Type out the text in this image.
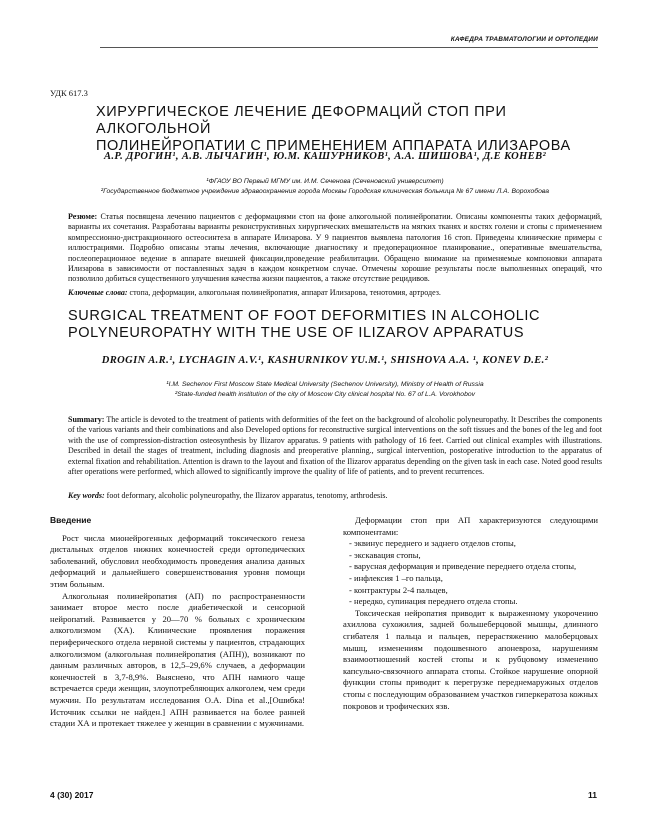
КАФЕДРА ТРАВМАТОЛОГИИ И ОРТОПЕДИИ
УДК 617.3
ХИРУРГИЧЕСКОЕ ЛЕЧЕНИЕ ДЕФОРМАЦИЙ СТОП ПРИ АЛКОГОЛЬНОЙ
ПОЛИНЕЙРОПАТИИ С ПРИМЕНЕНИЕМ АППАРАТА ИЛИЗАРОВА
А.Р. ДРОГИН¹, А.В. ЛЫЧАГИН¹, Ю.М. КАШУРНИКОВ¹, А.А. ШИШОВА¹, Д.Е КОНЕВ²
¹ФГАОУ ВО Первый МГМУ им. И.М. Сеченова (Сеченовский университет)
²Государственное бюджетное учреждение здравоохранения города Москвы Городская клиническая больница № 67 имени Л.А. Ворохобова
Резюме: Статья посвящена лечению пациентов с деформациями стоп на фоне алкогольной полинейропатии. Описаны компоненты таких деформаций, варианты их сочетания. Разработаны варианты реконструктивных хирургических вмешательств на мягких тканях и костях голени и стопы с применением компрессионно-дистракционного остеосинтеза в аппарате Илизарова. У 9 пациентов выявлена патология 16 стоп. Приведены клинические примеры с иллюстрациями. Подробно описаны этапы лечения, включающие диагностику и предоперационное планирование., оперативные вмешательства, послеоперационное ведение в аппарате внешней фиксации,проведение реабилитации. Обращено внимание на применяемые компоновки аппарата Илизарова в зависимости от поставленных задач в каждом конкретном случае. Отмечены хорошие результаты после выполненных операций, что позволило добиться существенного улучшения качества жизни пациентов, а также отсутствие рецидивов.
Ключевые слова: стопа, деформации, алкогольная полинейропатия, аппарат Илизарова, тенотомия, артродез.
SURGICAL TREATMENT OF FOOT DEFORMITIES IN ALCOHOLIC
POLYNEUROPATHY WITH THE USE OF ILIZAROV APPARATUS
DROGIN A.R.¹, LYCHAGIN A.V.¹, KASHURNIKOV YU.M.¹, SHISHOVA A.A. ¹, KONEV D.E.²
¹I.M. Sechenov First Moscow State Medical University (Sechenov University), Ministry of Health of Russia
²State-funded health institution of the city of Moscow City clinical hospital No. 67 of L.A. Vorokhobov
Summary: The article is devoted to the treatment of patients with deformities of the feet on the background of alcoholic polyneuropathy. It Describes the components of the various variants and their combinations and also Developed options for reconstructive surgical interventions on the soft tissues and the bones of the leg and foot with the use of compression-distraction osteosynthesis by Ilizarov apparatus. 9 patients with pathology of 16 feet. Carried out clinical examples with illustrations. Described in detail the stages of treatment, including diagnosis and preoperative planning., surgical intervention, postoperative introduction to the apparatus of external fixation and rehabilitation. Attention is drawn to the layout and fixation of the Ilizarov apparatus depending on the given task in each case. Noted good results after operations were performed, which allowed to significantly improve the quality of life of patients, and to prevent recurrences.
Key words: foot deformary, alcoholic polyneuropathy, the Ilizarov apparatus, tenotomy, arthrodesis.

Введение

Рост числа мионейрогенных деформаций токсического генеза дистальных отделов нижних конечностей среди ортопедических заболеваний, обусловил необходимость проведения анализа данных деформаций и дальнейшего совершенствования уровня помощи этим больным.

Алкогольная полинейропатия (АП) по распространенности занимает второе место после диабетической и сенсорной нейропатий. Развивается у 20—70 % больных с хроническим алкоголизмом (ХА). Клинические проявления поражения периферического отдела нервной системы у пациентов, страдающих алкоголизмом (алкогольная полинейропатия (АПН)), возникают по данным различных авторов, в 12,5–29,6% случаев, а деформации конечностей в 3,7-8,9%. Выяснено, что АПН намного чаще встречается среди женщин, злоупотребляющих алкоголем, чем среди мужчин. По результатам исследования O.A. Dina et al.,[Ошибка! Источник ссылки не найден.] АПН развивается на более ранней стадии ХА и протекает тяжелее у женщин в сравнении с мужчинами.

Деформации стоп при АП характеризуются следующими компонентами:

- эквинус переднего и заднего отделов стопы,

- экскавация стопы,

- варусная деформация и приведение переднего отдела стопы,

- инфлексия 1 –го пальца,

- контрактуры 2-4 пальцев,

- нередко, супинация переднего отдела стопы.

Токсическая нейропатия приводит к выраженному укорочению ахиллова сухожилия, задней большеберцовой мышцы, длинного сгибателя 1 пальца и пальцев, перерастяжению малоберцовых мышц, изменениям подошвенного апоневроза, нарушениям взаимоотношений костей стопы и к рубцовому изменению капсульно-связочного аппарата стопы. Стойкое нарушение опорной функции стопы приводит к перегрузке переднемаружных отделов стопы с последующим образованием участков гиперкератоза кожных покровов и трофических язв.

4 (30) 2017	11
